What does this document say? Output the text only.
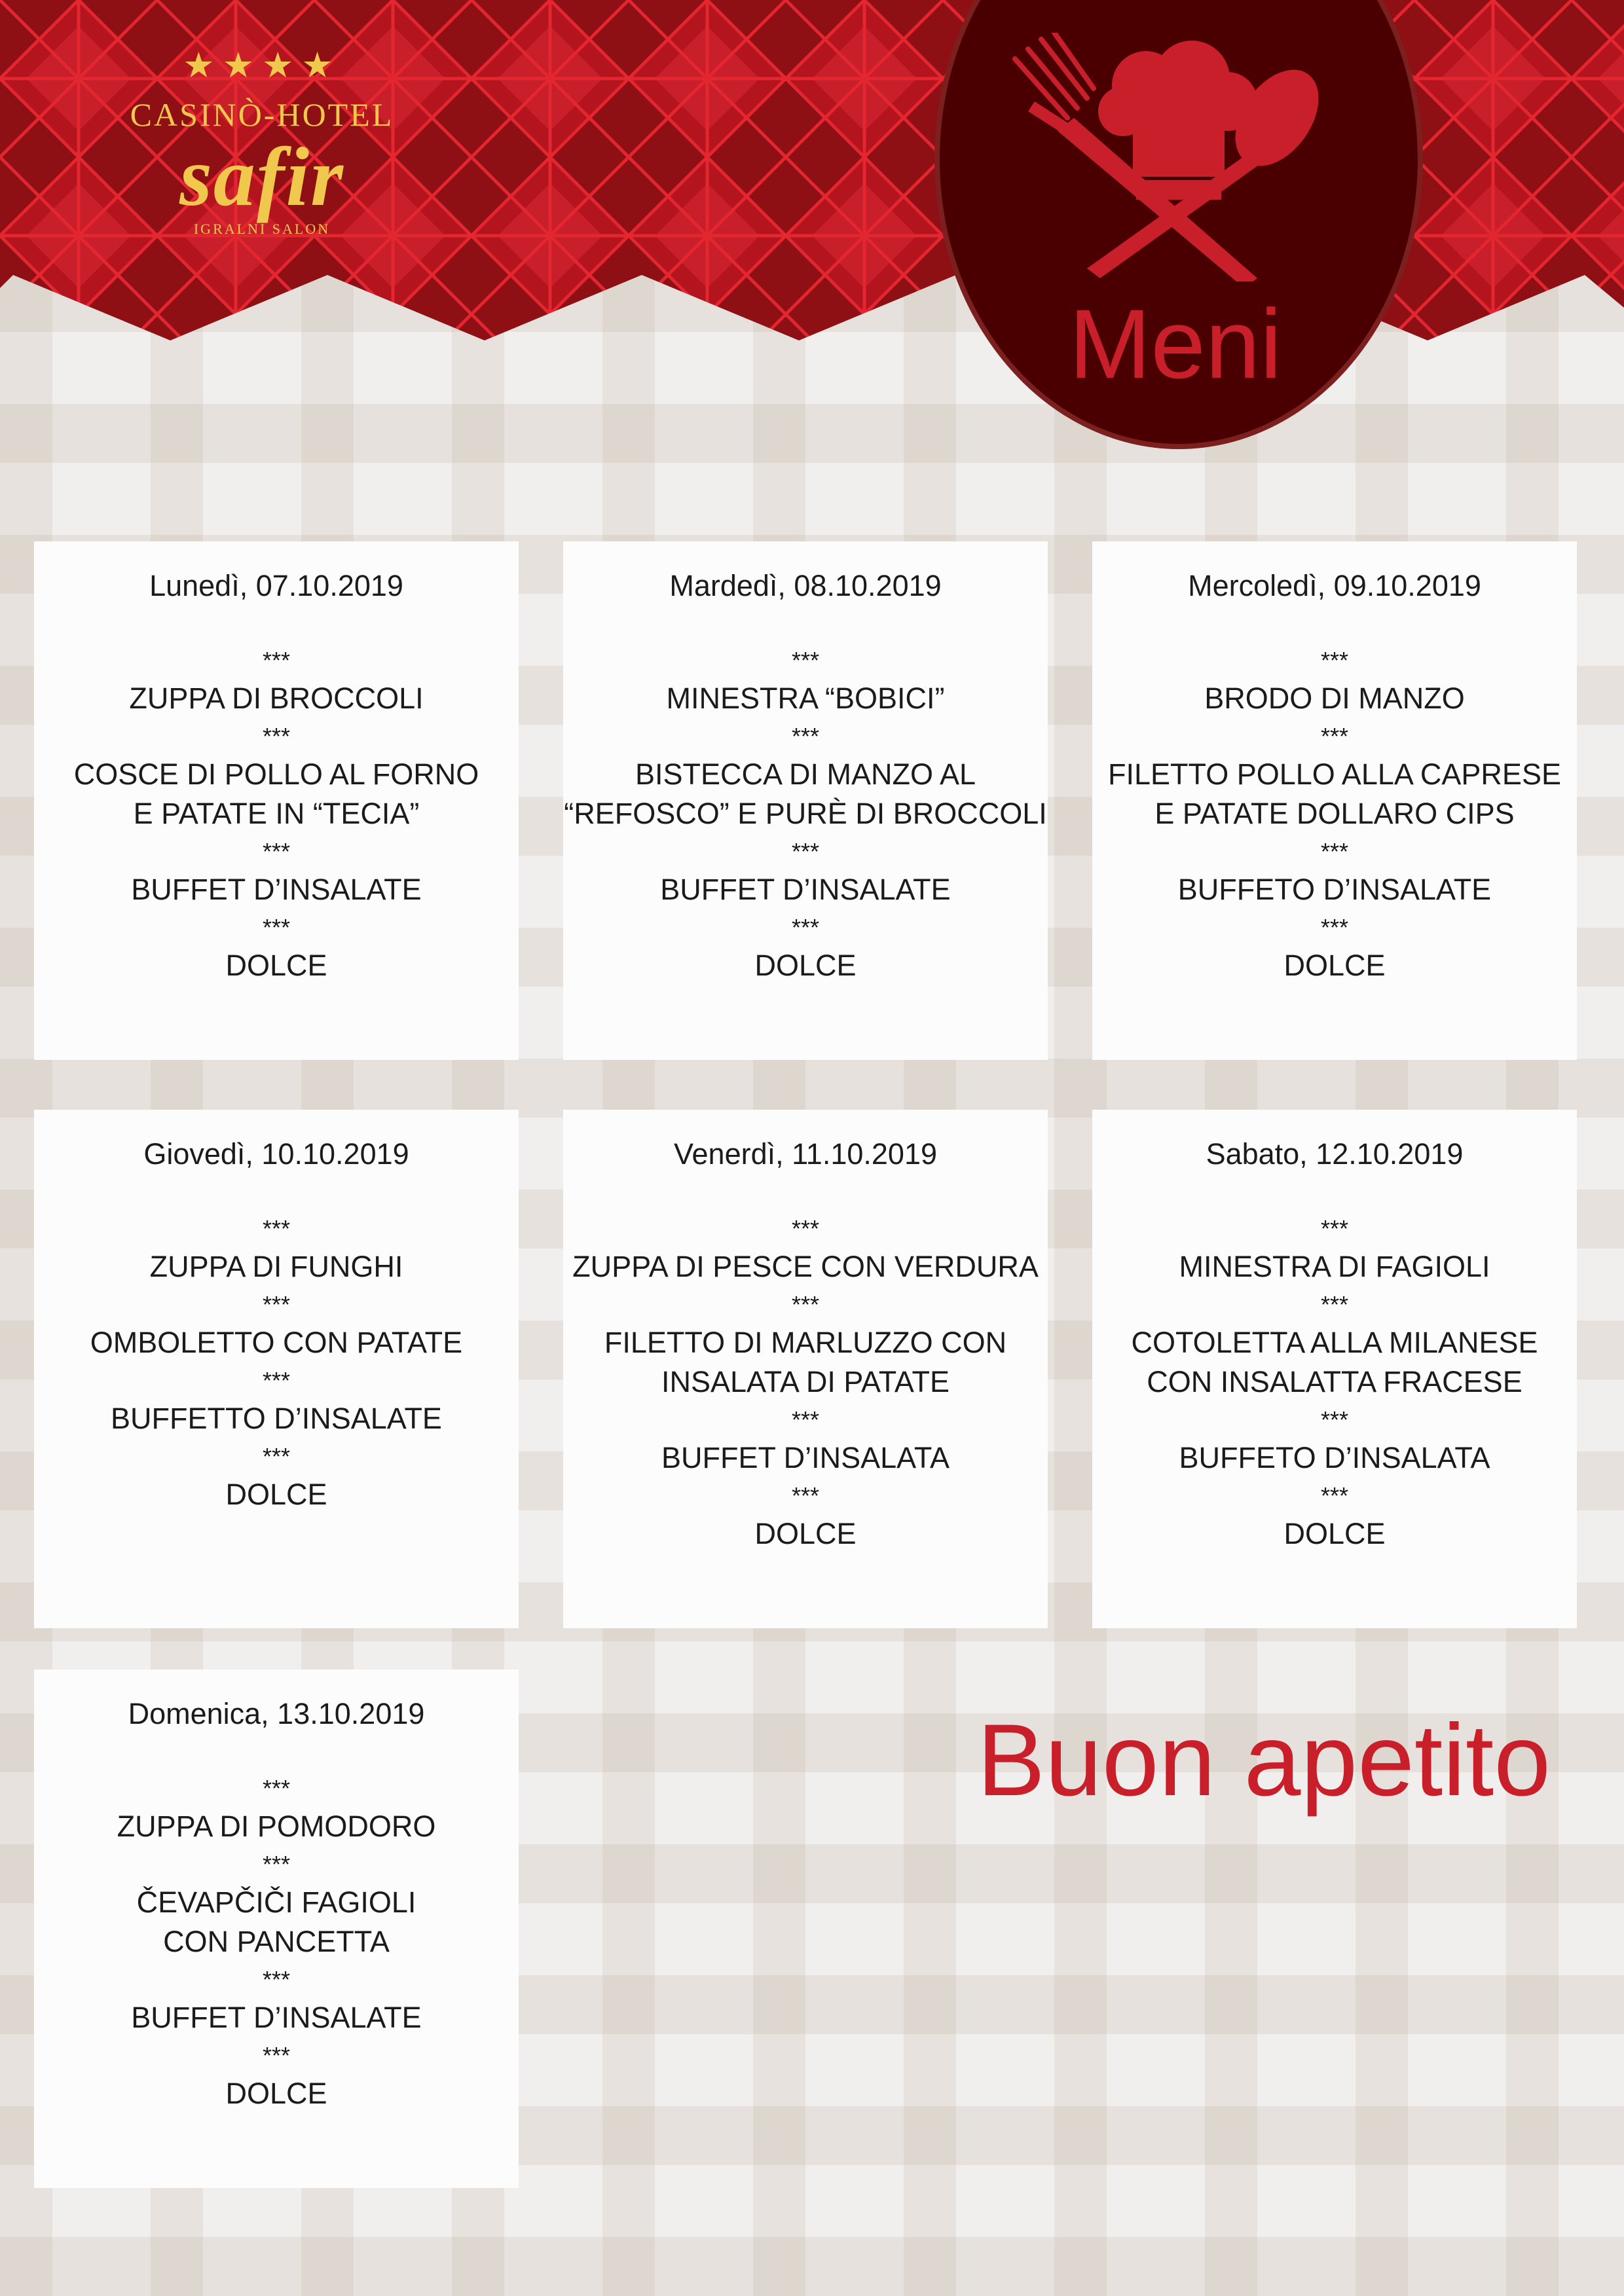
★★★★
CASINÒ-HOTEL
safir
IGRALNI SALON
Meni
Lunedì, 07.10.2019
***
ZUPPA DI BROCCOLI
***
COSCE DI POLLO AL FORNO
E PATATE IN “TECIA”
***
BUFFET D’INSALATE
***
DOLCE
Mardedì, 08.10.2019
***
MINESTRA “BOBICI”
***
BISTECCA DI MANZO AL
“REFOSCO” E PURÈ DI BROCCOLI
***
BUFFET D’INSALATE
***
DOLCE
Mercoledì, 09.10.2019
***
BRODO DI MANZO
***
FILETTO POLLO ALLA CAPRESE
E PATATE DOLLARO CIPS
***
BUFFETO D’INSALATE
***
DOLCE
Giovedì, 10.10.2019
***
ZUPPA DI FUNGHI
***
OMBOLETTO CON PATATE
***
BUFFETTO D’INSALATE
***
DOLCE
Venerdì, 11.10.2019
***
ZUPPA DI PESCE CON VERDURA
***
FILETTO DI MARLUZZO CON
INSALATA DI PATATE
***
BUFFET D’INSALATA
***
DOLCE
Sabato, 12.10.2019
***
MINESTRA DI FAGIOLI
***
COTOLETTA ALLA MILANESE
CON INSALATTA FRACESE
***
BUFFETO D’INSALATA
***
DOLCE
Domenica, 13.10.2019
***
ZUPPA DI POMODORO
***
ČEVAPČIČI FAGIOLI
CON PANCETTA
***
BUFFET D’INSALATE
***
DOLCE
Buon apetito
